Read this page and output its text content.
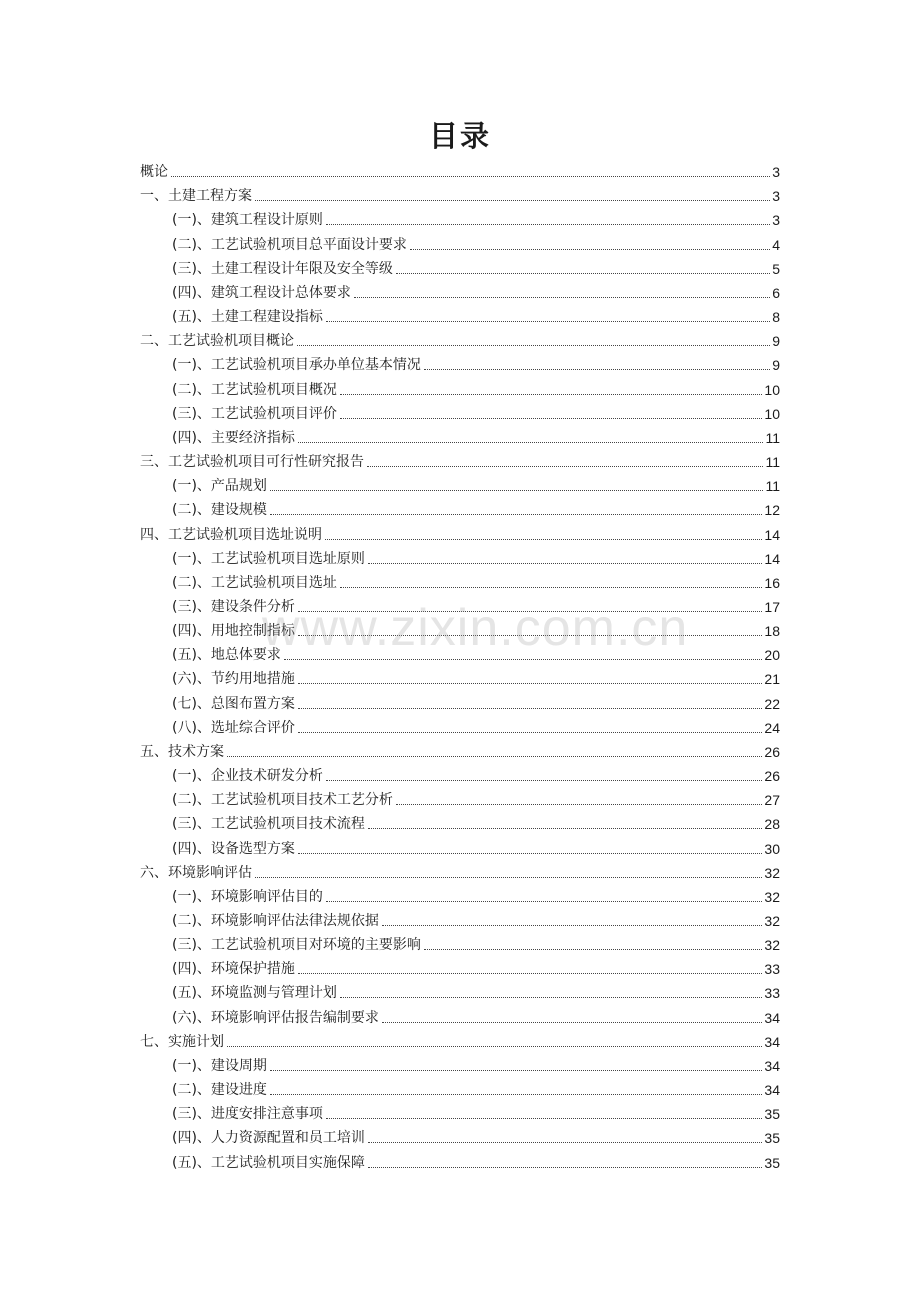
目录
概论	3
一、土建工程方案	3
(一)、建筑工程设计原则	3
(二)、工艺试验机项目总平面设计要求	4
(三)、土建工程设计年限及安全等级	5
(四)、建筑工程设计总体要求	6
(五)、土建工程建设指标	8
二、工艺试验机项目概论	9
(一)、工艺试验机项目承办单位基本情况	9
(二)、工艺试验机项目概况	10
(三)、工艺试验机项目评价	10
(四)、主要经济指标	11
三、工艺试验机项目可行性研究报告	11
(一)、产品规划	11
(二)、建设规模	12
四、工艺试验机项目选址说明	14
(一)、工艺试验机项目选址原则	14
(二)、工艺试验机项目选址	16
(三)、建设条件分析	17
(四)、用地控制指标	18
(五)、地总体要求	20
(六)、节约用地措施	21
(七)、总图布置方案	22
(八)、选址综合评价	24
五、技术方案	26
(一)、企业技术研发分析	26
(二)、工艺试验机项目技术工艺分析	27
(三)、工艺试验机项目技术流程	28
(四)、设备选型方案	30
六、环境影响评估	32
(一)、环境影响评估目的	32
(二)、环境影响评估法律法规依据	32
(三)、工艺试验机项目对环境的主要影响	32
(四)、环境保护措施	33
(五)、环境监测与管理计划	33
(六)、环境影响评估报告编制要求	34
七、实施计划	34
(一)、建设周期	34
(二)、建设进度	34
(三)、进度安排注意事项	35
(四)、人力资源配置和员工培训	35
(五)、工艺试验机项目实施保障	35
www.zixin.com.cn
